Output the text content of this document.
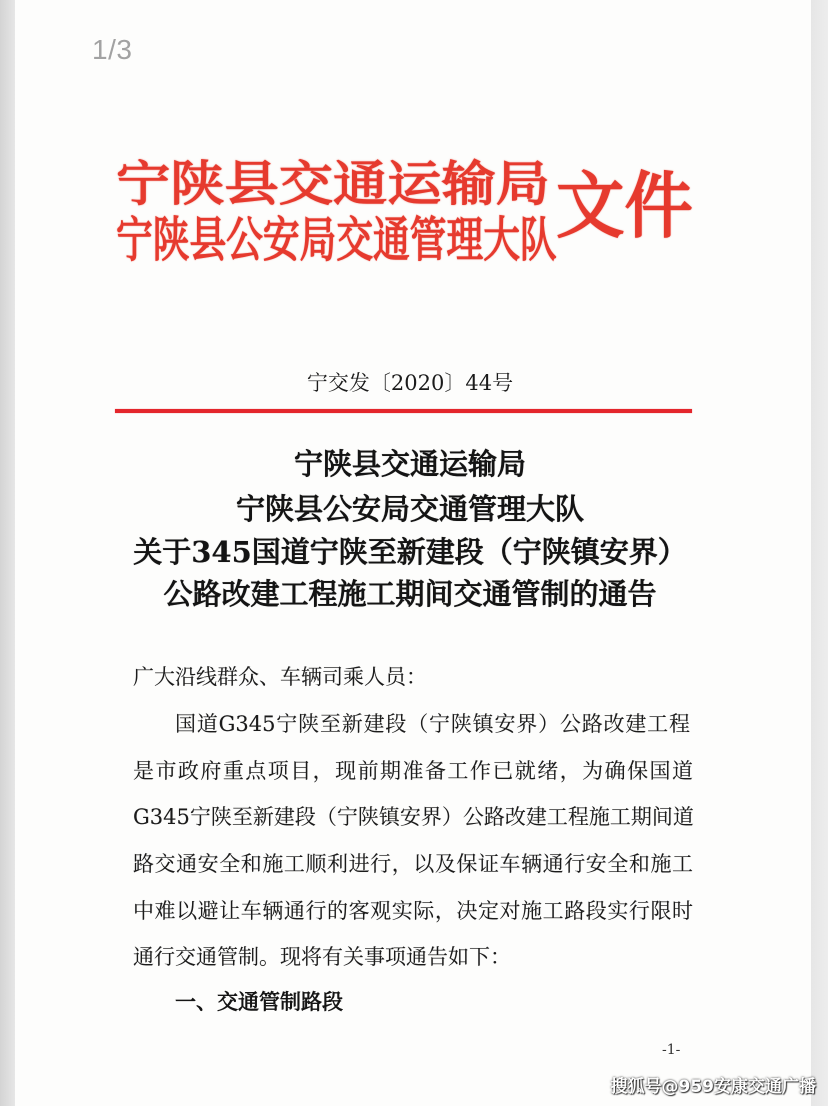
宁陕县交通运输局
宁陕县公安局交通管理大队 文件
宁交发〔2020〕44号
宁陕县交通运输局
宁陕县公安局交通管理大队
关于345国道宁陕至新建段（宁陕镇安界）
公路改建工程施工期间交通管制的通告
广大沿线群众、车辆司乘人员：
国道G345宁陕至新建段（宁陕镇安界）公路改建工程
是市政府重点项目，现前期准备工作已就绪，为确保国道
G345宁陕至新建段（宁陕镇安界）公路改建工程施工期间道
路交通安全和施工顺利进行，以及保证车辆通行安全和施工
中难以避让车辆通行的客观实际，决定对施工路段实行限时
通行交通管制。现将有关事项通告如下：
一、交通管制路段
-1-
1/3
搜狐号@959安康交通广播
